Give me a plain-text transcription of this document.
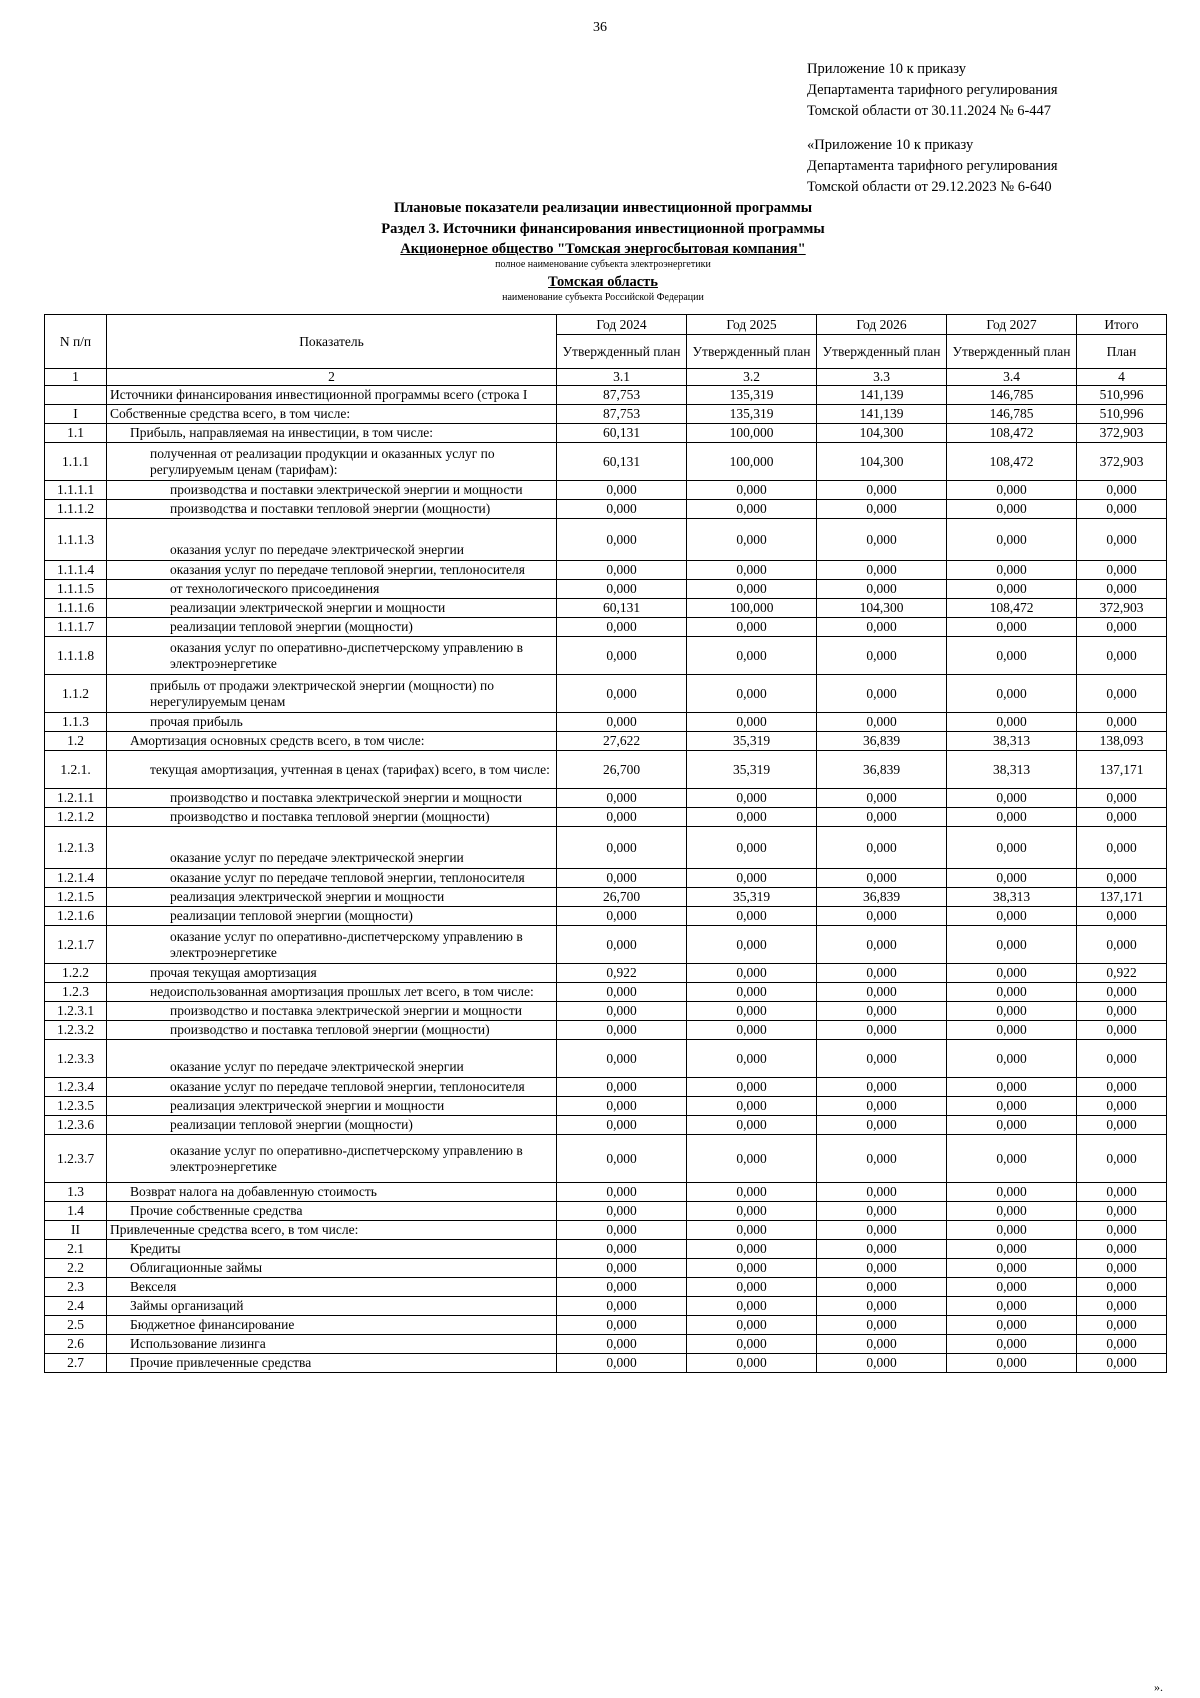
36
Приложение 10 к приказу
Департамента тарифного регулирования
Томской области от 30.11.2024 № 6-447
«Приложение 10 к приказу
Департамента тарифного регулирования
Томской области от 29.12.2023 № 6-640
Плановые показатели реализации инвестиционной программы
Раздел 3. Источники финансирования инвестиционной программы
Акционерное общество "Томская энергосбытовая компания"
полное наименование субъекта электроэнергетики
Томская область
наименование субъекта Российской Федерации
N п/п	Показатель	Год 2024	Год 2025	Год 2026	Год 2027	Итого
		Утвержденный план	Утвержденный план	Утвержденный план	Утвержденный план	План
1	2	3.1	3.2	3.3	3.4	4
	Источники финансирования инвестиционной программы всего (строка I	87,753	135,319	141,139	146,785	510,996
I	Собственные средства всего, в том числе:	87,753	135,319	141,139	146,785	510,996
1.1	Прибыль, направляемая на инвестиции, в том числе:	60,131	100,000	104,300	108,472	372,903
1.1.1	полученная от реализации продукции и оказанных услуг по регулируемым ценам (тарифам):	60,131	100,000	104,300	108,472	372,903
1.1.1.1	производства и поставки электрической энергии и мощности	0,000	0,000	0,000	0,000	0,000
1.1.1.2	производства и поставки тепловой энергии (мощности)	0,000	0,000	0,000	0,000	0,000
1.1.1.3	оказания услуг по передаче электрической энергии	0,000	0,000	0,000	0,000	0,000
1.1.1.4	оказания услуг по передаче тепловой энергии, теплоносителя	0,000	0,000	0,000	0,000	0,000
1.1.1.5	от технологического присоединения	0,000	0,000	0,000	0,000	0,000
1.1.1.6	реализации электрической энергии и мощности	60,131	100,000	104,300	108,472	372,903
1.1.1.7	реализации тепловой энергии (мощности)	0,000	0,000	0,000	0,000	0,000
1.1.1.8	оказания услуг по оперативно-диспетчерскому управлению в электроэнергетике	0,000	0,000	0,000	0,000	0,000
1.1.2	прибыль от продажи электрической энергии (мощности) по нерегулируемым ценам	0,000	0,000	0,000	0,000	0,000
1.1.3	прочая прибыль	0,000	0,000	0,000	0,000	0,000
1.2	Амортизация основных средств всего, в том числе:	27,622	35,319	36,839	38,313	138,093
1.2.1.	текущая амортизация, учтенная в ценах (тарифах) всего, в том числе:	26,700	35,319	36,839	38,313	137,171
1.2.1.1	производство и поставка электрической энергии и мощности	0,000	0,000	0,000	0,000	0,000
1.2.1.2	производство и поставка тепловой энергии (мощности)	0,000	0,000	0,000	0,000	0,000
1.2.1.3	оказание услуг по передаче электрической энергии	0,000	0,000	0,000	0,000	0,000
1.2.1.4	оказание услуг по передаче тепловой энергии, теплоносителя	0,000	0,000	0,000	0,000	0,000
1.2.1.5	реализация электрической энергии и мощности	26,700	35,319	36,839	38,313	137,171
1.2.1.6	реализации тепловой энергии (мощности)	0,000	0,000	0,000	0,000	0,000
1.2.1.7	оказание услуг по оперативно-диспетчерскому управлению в электроэнергетике	0,000	0,000	0,000	0,000	0,000
1.2.2	прочая текущая амортизация	0,922	0,000	0,000	0,000	0,922
1.2.3	недоиспользованная амортизация прошлых лет всего, в том числе:	0,000	0,000	0,000	0,000	0,000
1.2.3.1	производство и поставка электрической энергии и мощности	0,000	0,000	0,000	0,000	0,000
1.2.3.2	производство и поставка тепловой энергии (мощности)	0,000	0,000	0,000	0,000	0,000
1.2.3.3	оказание услуг по передаче электрической энергии	0,000	0,000	0,000	0,000	0,000
1.2.3.4	оказание услуг по передаче тепловой энергии, теплоносителя	0,000	0,000	0,000	0,000	0,000
1.2.3.5	реализация электрической энергии и мощности	0,000	0,000	0,000	0,000	0,000
1.2.3.6	реализации тепловой энергии (мощности)	0,000	0,000	0,000	0,000	0,000
1.2.3.7	оказание услуг по оперативно-диспетчерскому управлению в электроэнергетике	0,000	0,000	0,000	0,000	0,000
1.3	Возврат налога на добавленную стоимость	0,000	0,000	0,000	0,000	0,000
1.4	Прочие собственные средства	0,000	0,000	0,000	0,000	0,000
II	Привлеченные средства всего, в том числе:	0,000	0,000	0,000	0,000	0,000
2.1	Кредиты	0,000	0,000	0,000	0,000	0,000
2.2	Облигационные займы	0,000	0,000	0,000	0,000	0,000
2.3	Векселя	0,000	0,000	0,000	0,000	0,000
2.4	Займы организаций	0,000	0,000	0,000	0,000	0,000
2.5	Бюджетное финансирование	0,000	0,000	0,000	0,000	0,000
2.6	Использование лизинга	0,000	0,000	0,000	0,000	0,000
2.7	Прочие привлеченные средства	0,000	0,000	0,000	0,000	0,000
».
